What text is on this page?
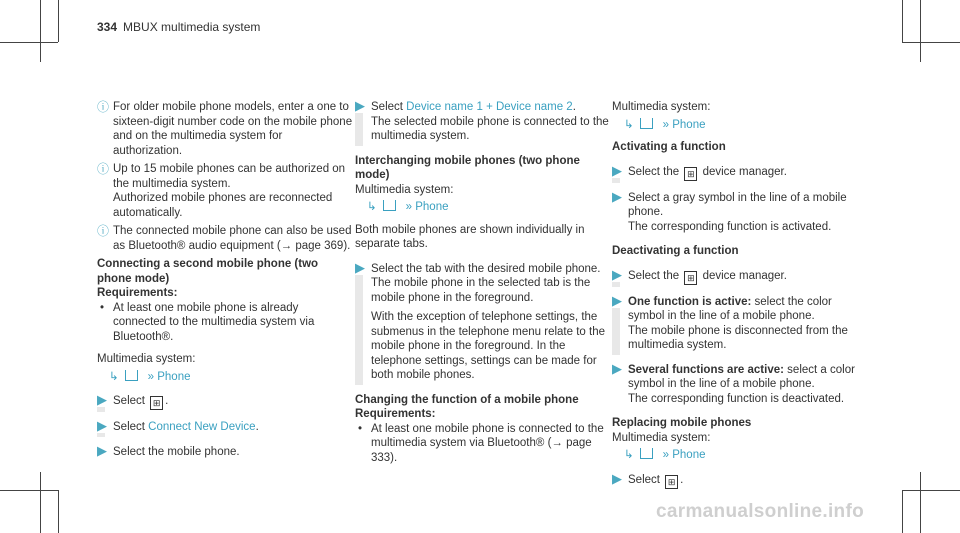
334 MBUX multimedia system

ⓘ For older mobile phone models, enter a one to sixteen-digit number code on the mobile phone and on the multimedia system for authorization.

ⓘ Up to 15 mobile phones can be authorized on the multimedia system.
Authorized mobile phones are reconnected automatically.

ⓘ The connected mobile phone can also be used as Bluetooth® audio equipment (→ page 369).

Connecting a second mobile phone (two phone mode)

Requirements:

• At least one mobile phone is already connected to the multimedia system via Bluetooth®.

Multimedia system:

↳	» Phone

▶ Select ⊞ .

▶ Select Connect New Device.

▶ Select the mobile phone.

▶ Select Device name 1 + Device name 2.
The selected mobile phone is connected to the multimedia system.

Interchanging mobile phones (two phone mode)

Multimedia system:

↳	» Phone

Both mobile phones are shown individually in separate tabs.

▶ Select the tab with the desired mobile phone.
The mobile phone in the selected tab is the mobile phone in the foreground.

With the exception of telephone settings, the submenus in the telephone menu relate to the mobile phone in the foreground. In the telephone settings, settings can be made for both mobile phones.

Changing the function of a mobile phone

Requirements:

• At least one mobile phone is connected to the multimedia system via Bluetooth® (→ page 333).

Multimedia system:

↳	» Phone

Activating a function

▶ Select the ⊞ device manager.

▶ Select a gray symbol in the line of a mobile phone.
The corresponding function is activated.

Deactivating a function

▶ Select the ⊞ device manager.

▶ One function is active: select the color symbol in the line of a mobile phone.
The mobile phone is disconnected from the multimedia system.

▶ Several functions are active: select a color symbol in the line of a mobile phone.
The corresponding function is deactivated.

Replacing mobile phones

Multimedia system:

↳	» Phone

▶ Select ⊞ .

carmanualsonline.info
